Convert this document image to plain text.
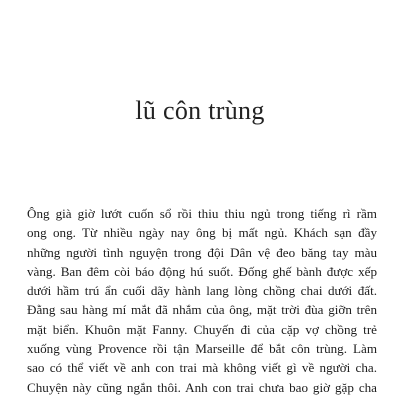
lũ côn trùng
Ông già giờ lướt cuốn sổ rồi thiu thiu ngủ trong tiếng rì rầm
ong ong. Từ nhiều ngày nay ông bị mất ngủ. Khách sạn đầy
những người tình nguyện trong đội Dân vệ đeo băng tay màu
vàng. Ban đêm còi báo động hú suốt. Đống ghế bành được xếp
dưới hầm trú ẩn cuối dãy hành lang lòng chồng chai dưới đất.
Đằng sau hàng mí mắt đã nhắm của ông, mặt trời đùa giỡn trên
mặt biển. Khuôn mặt Fanny. Chuyến đi của cặp vợ chồng trẻ
xuống vùng Provence rồi tận Marseille để bắt côn trùng. Làm
sao có thể viết về anh con trai mà không viết gì về người cha.
Chuyện này cũng ngắn thôi. Anh con trai chưa bao giờ gặp cha
